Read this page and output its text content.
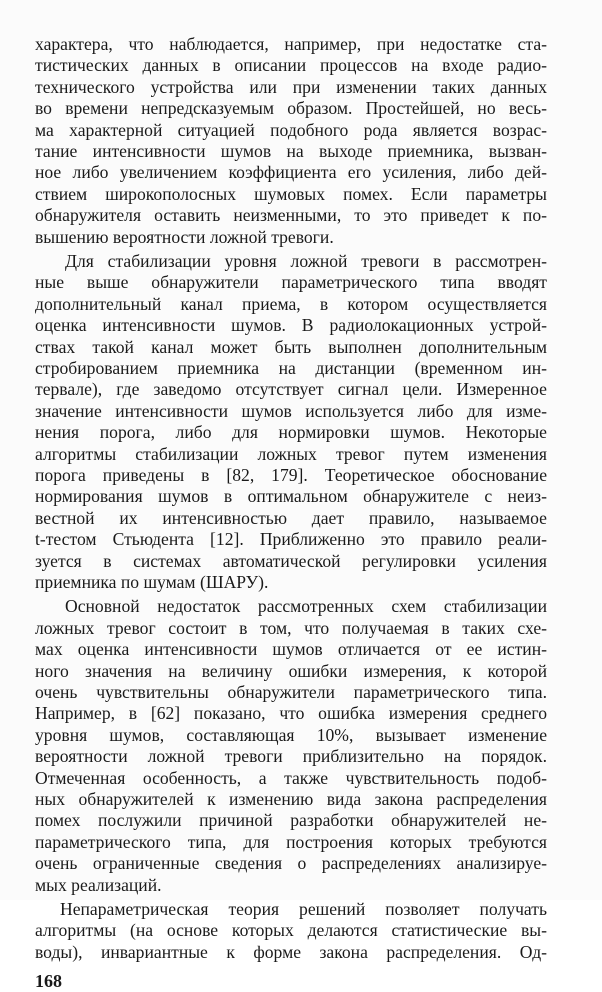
характера, что наблюдается, например, при недостатке ста-
тистических данных в описании процессов на входе радио-
технического устройства или при изменении таких данных
во времени непредсказуемым образом. Простейшей, но весь-
ма характерной ситуацией подобного рода является возрас-
тание интенсивности шумов на выходе приемника, вызван-
ное либо увеличением коэффициента его усиления, либо дей-
ствием широкополосных шумовых помех. Если параметры
обнаружителя оставить неизменными, то это приведет к по-
вышению вероятности ложной тревоги.
Для стабилизации уровня ложной тревоги в рассмотрен-
ные выше обнаружители параметрического типа вводят
дополнительный канал приема, в котором осуществляется
оценка интенсивности шумов. В радиолокационных устрой-
ствах такой канал может быть выполнен дополнительным
стробированием приемника на дистанции (временном ин-
тервале), где заведомо отсутствует сигнал цели. Измеренное
значение интенсивности шумов используется либо для изме-
нения порога, либо для нормировки шумов. Некоторые
алгоритмы стабилизации ложных тревог путем изменения
порога приведены в [82, 179]. Теоретическое обоснование
нормирования шумов в оптимальном обнаружителе с неиз-
вестной их интенсивностью дает правило, называемое
t-тестом Стьюдента [12]. Приближенно это правило реали-
зуется в системах автоматической регулировки усиления
приемника по шумам (ШАРУ).
Основной недостаток рассмотренных схем стабилизации
ложных тревог состоит в том, что получаемая в таких схе-
мах оценка интенсивности шумов отличается от ее истин-
ного значения на величину ошибки измерения, к которой
очень чувствительны обнаружители параметрического типа.
Например, в [62] показано, что ошибка измерения среднего
уровня шумов, составляющая 10%, вызывает изменение
вероятности ложной тревоги приблизительно на порядок.
Отмеченная особенность, а также чувствительность подоб-
ных обнаружителей к изменению вида закона распределения
помех послужили причиной разработки обнаружителей не-
параметрического типа, для построения которых требуются
очень ограниченные сведения о распределениях анализируе-
мых реализаций.
Непараметрическая теория решений позволяет получать
алгоритмы (на основе которых делаются статистические вы-
воды), инвариантные к форме закона распределения. Од-
168
